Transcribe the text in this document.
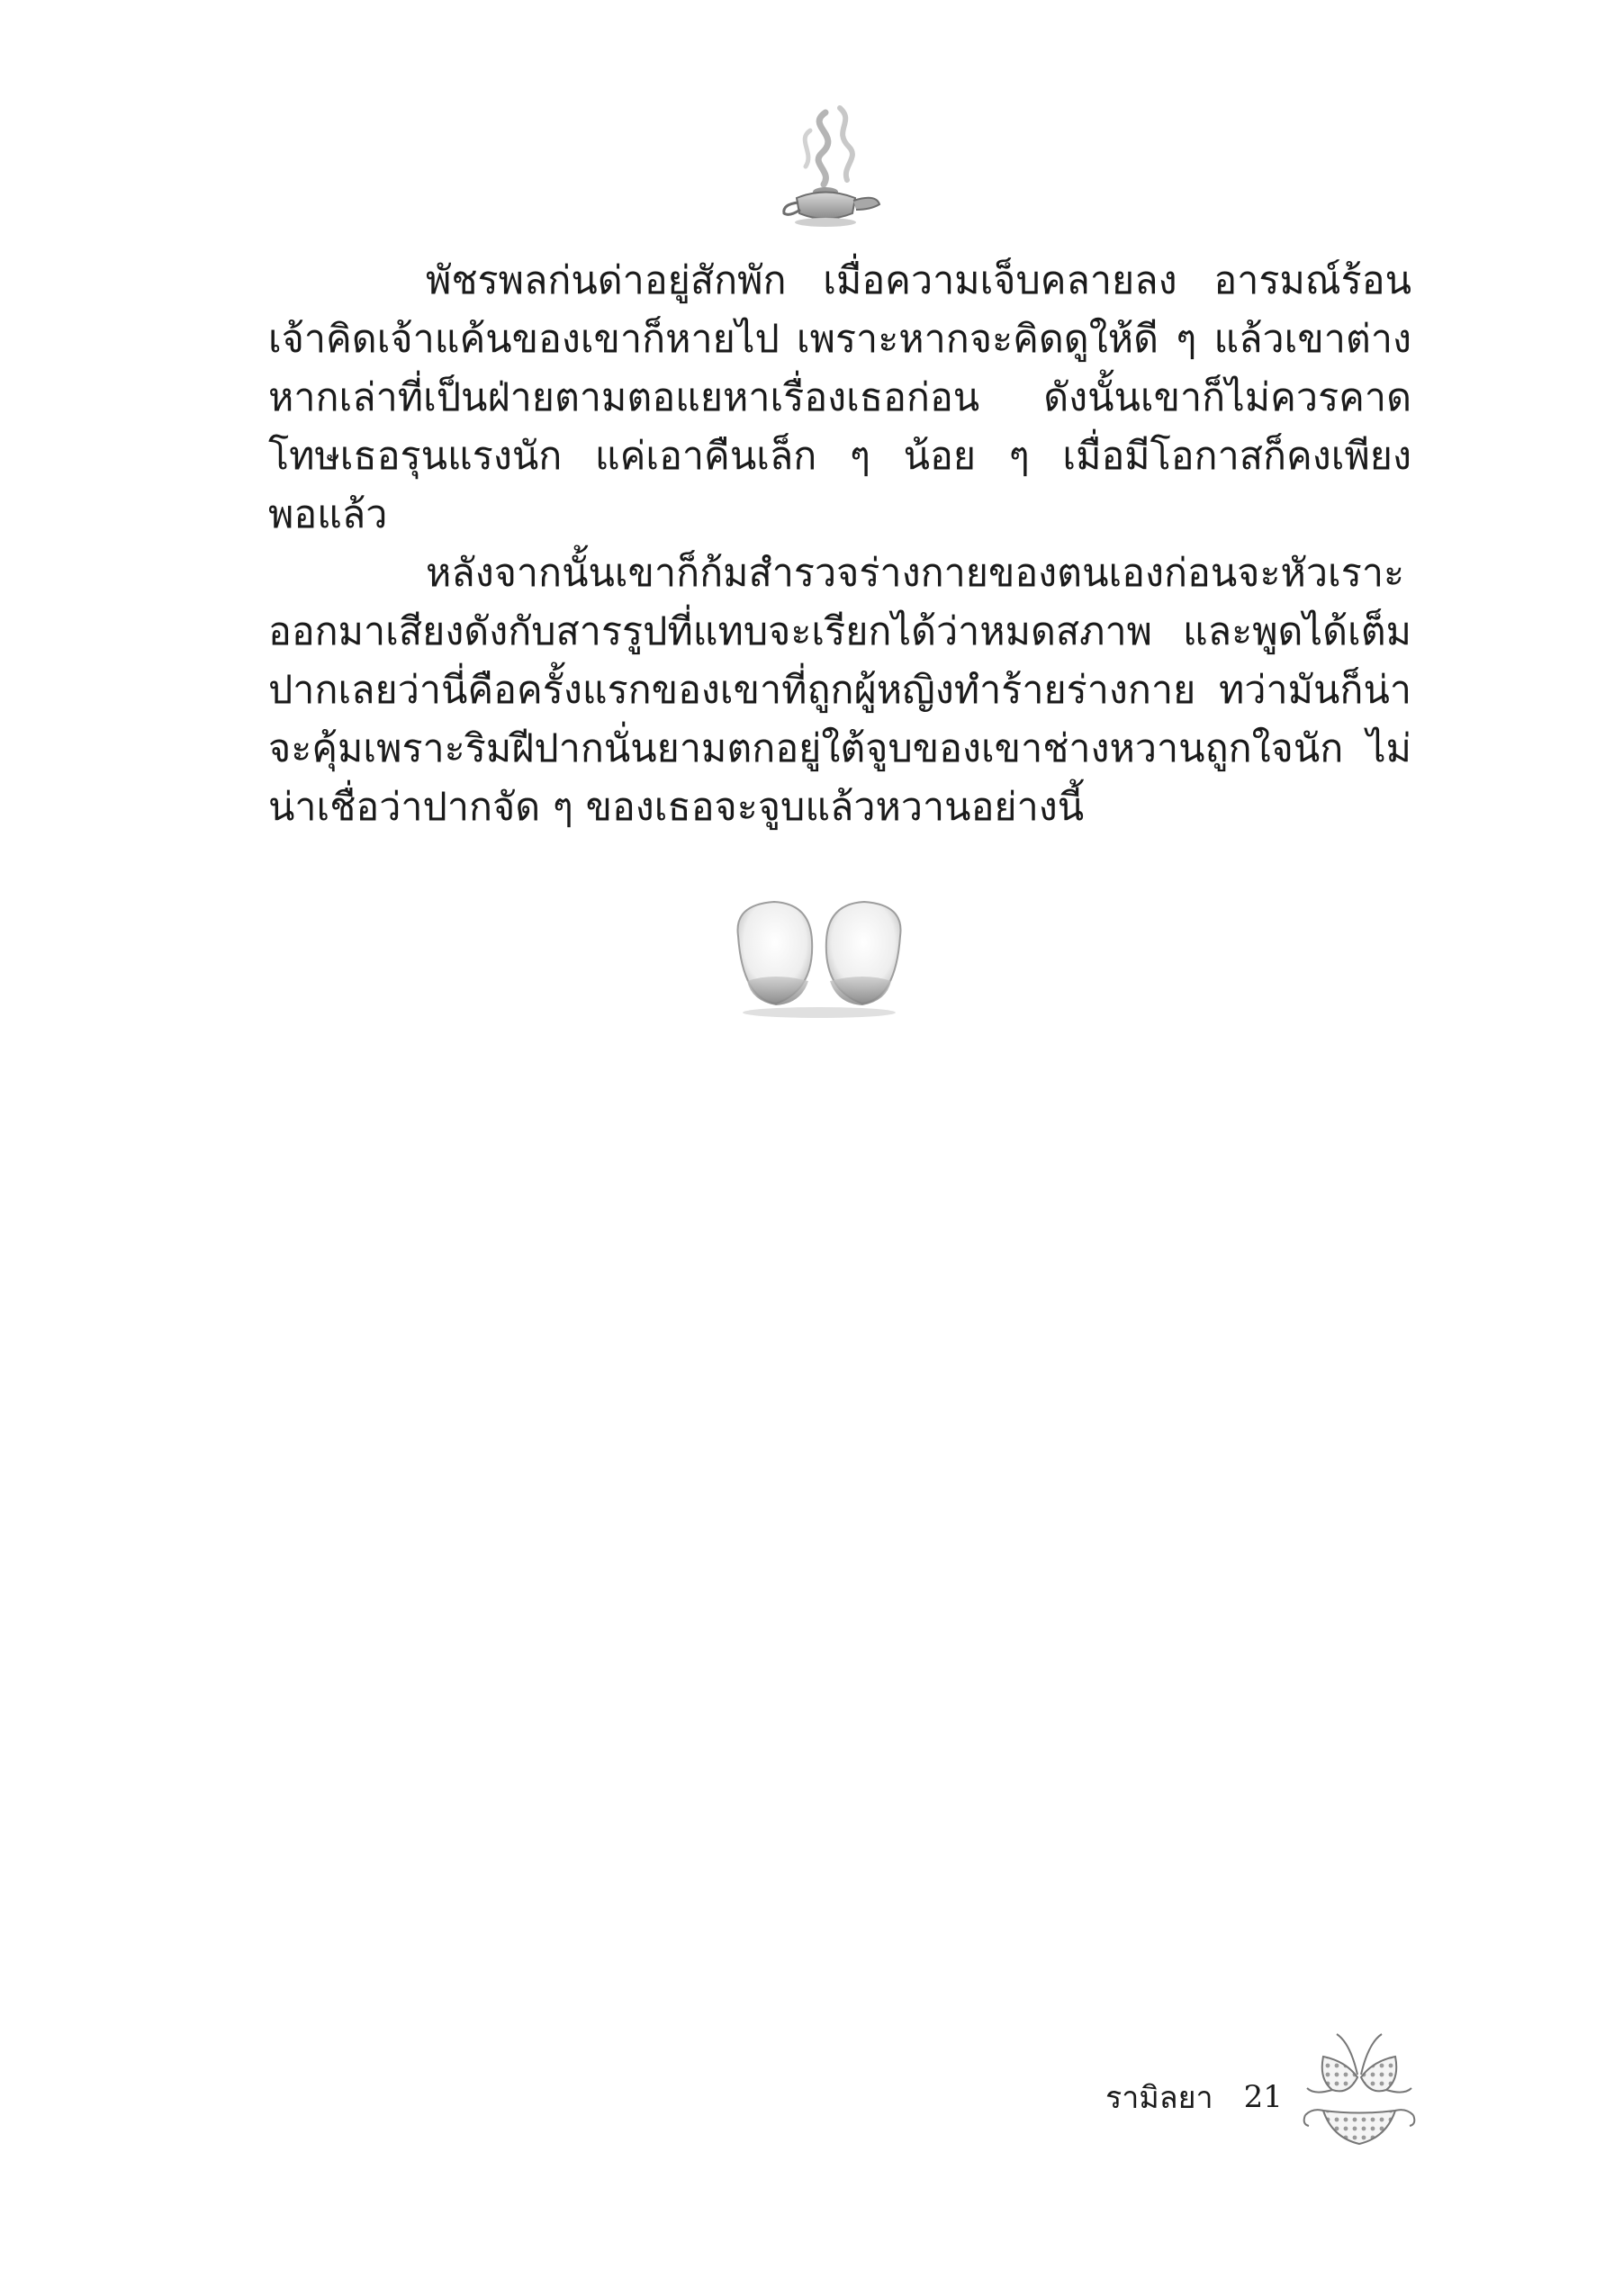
พัชรพลก่นด่าอยู่สักพัก เมื่อความเจ็บคลายลง อารมณ์ร้อนเจ้าคิดเจ้าแค้นของเขาก็หายไป เพราะหากจะคิดดูให้ดี ๆ แล้วเขาต่างหากเล่าที่เป็นฝ่ายตามตอแยหาเรื่องเธอก่อน ดังนั้นเขาก็ไม่ควรคาดโทษเธอรุนแรงนัก แค่เอาคืนเล็ก ๆ น้อย ๆ เมื่อมีโอกาสก็คงเพียงพอแล้ว

หลังจากนั้นเขาก็ก้มสำรวจร่างกายของตนเองก่อนจะหัวเราะออกมาเสียงดังกับสารรูปที่แทบจะเรียกได้ว่าหมดสภาพ และพูดได้เต็มปากเลยว่านี่คือครั้งแรกของเขาที่ถูกผู้หญิงทำร้ายร่างกาย ทว่ามันก็น่าจะคุ้มเพราะริมฝีปากนั่นยามตกอยู่ใต้จูบของเขาช่างหวานถูกใจนัก ไม่น่าเชื่อว่าปากจัด ๆ ของเธอจะจูบแล้วหวานอย่างนี้

รามิลยา 21
